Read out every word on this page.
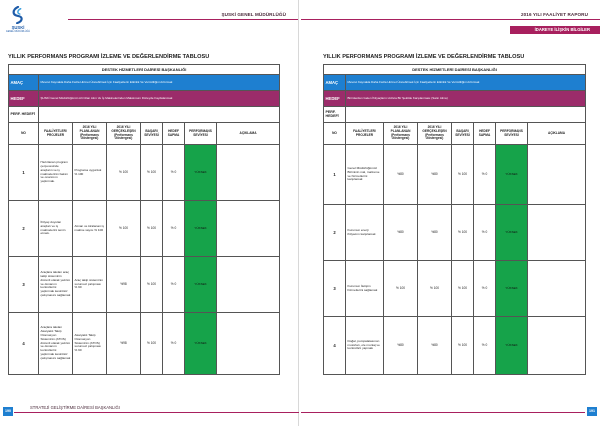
ŞUSKİ
GENEL MÜDÜRLÜĞÜ
ŞUSKİ GENEL MÜDÜRLÜĞÜ
YILLIK PERFORMANS PROGRAMI İZLEME VE DEĞERLENDİRME TABLOSU
DESTEK HİZMETLERİ DAİRESİ BAŞKANLIĞI							
AMAÇ	Mevcut Kaynakla Daha Fazla Hizmet Üretebilmek İçin Faaliyetlerin Etkinlik Ve Verimliliğini Arttırmak						
HEDEF	ŞUSKİ Genel Müdürlüğünün Alt Cilan Alım Ve İş Makinelerinden Maksimum Düzeyde Faydalanmak						
PERF. HEDEFİ							
NO	FAALİYETLER/ PROJELER	2016 YILI PLANLANAN (Performans Göstergesi)	2016 YILI GERÇEKLEŞEN (Performans Göstergesi)	BAŞARI SEVİYESİ	HEDEF SAPMA	PERFORMANS SEVİYESİ	AÇIKLAMA
1	Hazırlanan program çerçevesinde araçların ve iş makinelerinin bakım ve onarımını yaptırmak.	Programa uygunluk % 100	% 100	% 100	% 0	YÜKSEK	
2	İhtiyaç duyulan araçları ve iş makinelerini temin etmek.	Alınan ve kiralanan iş makine sayısı % 100	% 100	% 100	% 0	YÜKSEK	
3	Araçlara takılan araç takip sisteminin düzenli olarak yazılım ve donanım kontrollerini yaptırmak kesintisiz çalışmasını sağlamak	Araç takip sisteminin sorunsuz çalışması % 90	%98	% 100	% 0	YÜKSEK	
4	Araçlara takılan Akaryakıt Takip Otomasyon Sisteminin (ATOS) düzenli olarak yazılım ve donanım kontrollerini yaptırmak kesintisiz çalışmasını sağlamak	Akaryakıt Takip Otomasyon Sisteminin (ATOS) sorunsuz çalışması % 90	%98	% 100	% 0	YÜKSEK	
190
STRATEJİ GELİŞTİRME DAİRESİ BAŞKANLIĞI
2016 YILI FAALİYET RAPORU
İDAREYE İLİŞKİN BİLGİLER
YILLIK PERFORMANS PROGRAMI İZLEME VE DEĞERLENDİRME TABLOSU
DESTEK HİZMETLERİ DAİRESİ BAŞKANLIĞI							
AMAÇ	Mevcut Kaynakla Daha Fazla Hizmet Üretebilmek İçin Faaliyetlerin Etkinlik Ve Verimliliğini Arttırmak						
HEDEF	Birimlerden Gelen İhtiyaçların Hızlıca Bir Şekilde Karşılanması (Satın Alma)						
PERF. HEDEFİ							
NO	FAALİYETLER/ PROJELER	2016 YILI PLANLANAN (Performans Göstergesi)	2016 YILI GERÇEKLEŞEN (Performans Göstergesi)	BAŞARI SEVİYESİ	HEDEF SAPMA	PERFORMANS SEVİYESİ	AÇIKLAMA
1	Genel Müdürlüğümüz Biriminin mal, malzeme ve hizmetlerini karşılamak	%80	%80	% 100	% 0	YÜKSEK	
2	Kurumun enerji ihtiyacını karşılamak	%80	%80	% 100	% 0	YÜKSEK	
3	Kurumun İletişim hizmetlerini sağlamak	% 100	% 100	% 100	% 0	YÜKSEK	
4	Doğal, pompalatasınon motorları, ole montaj ve kontrolörü yapmak	%80	%80	% 100	% 0	YÜKSEK	
191
